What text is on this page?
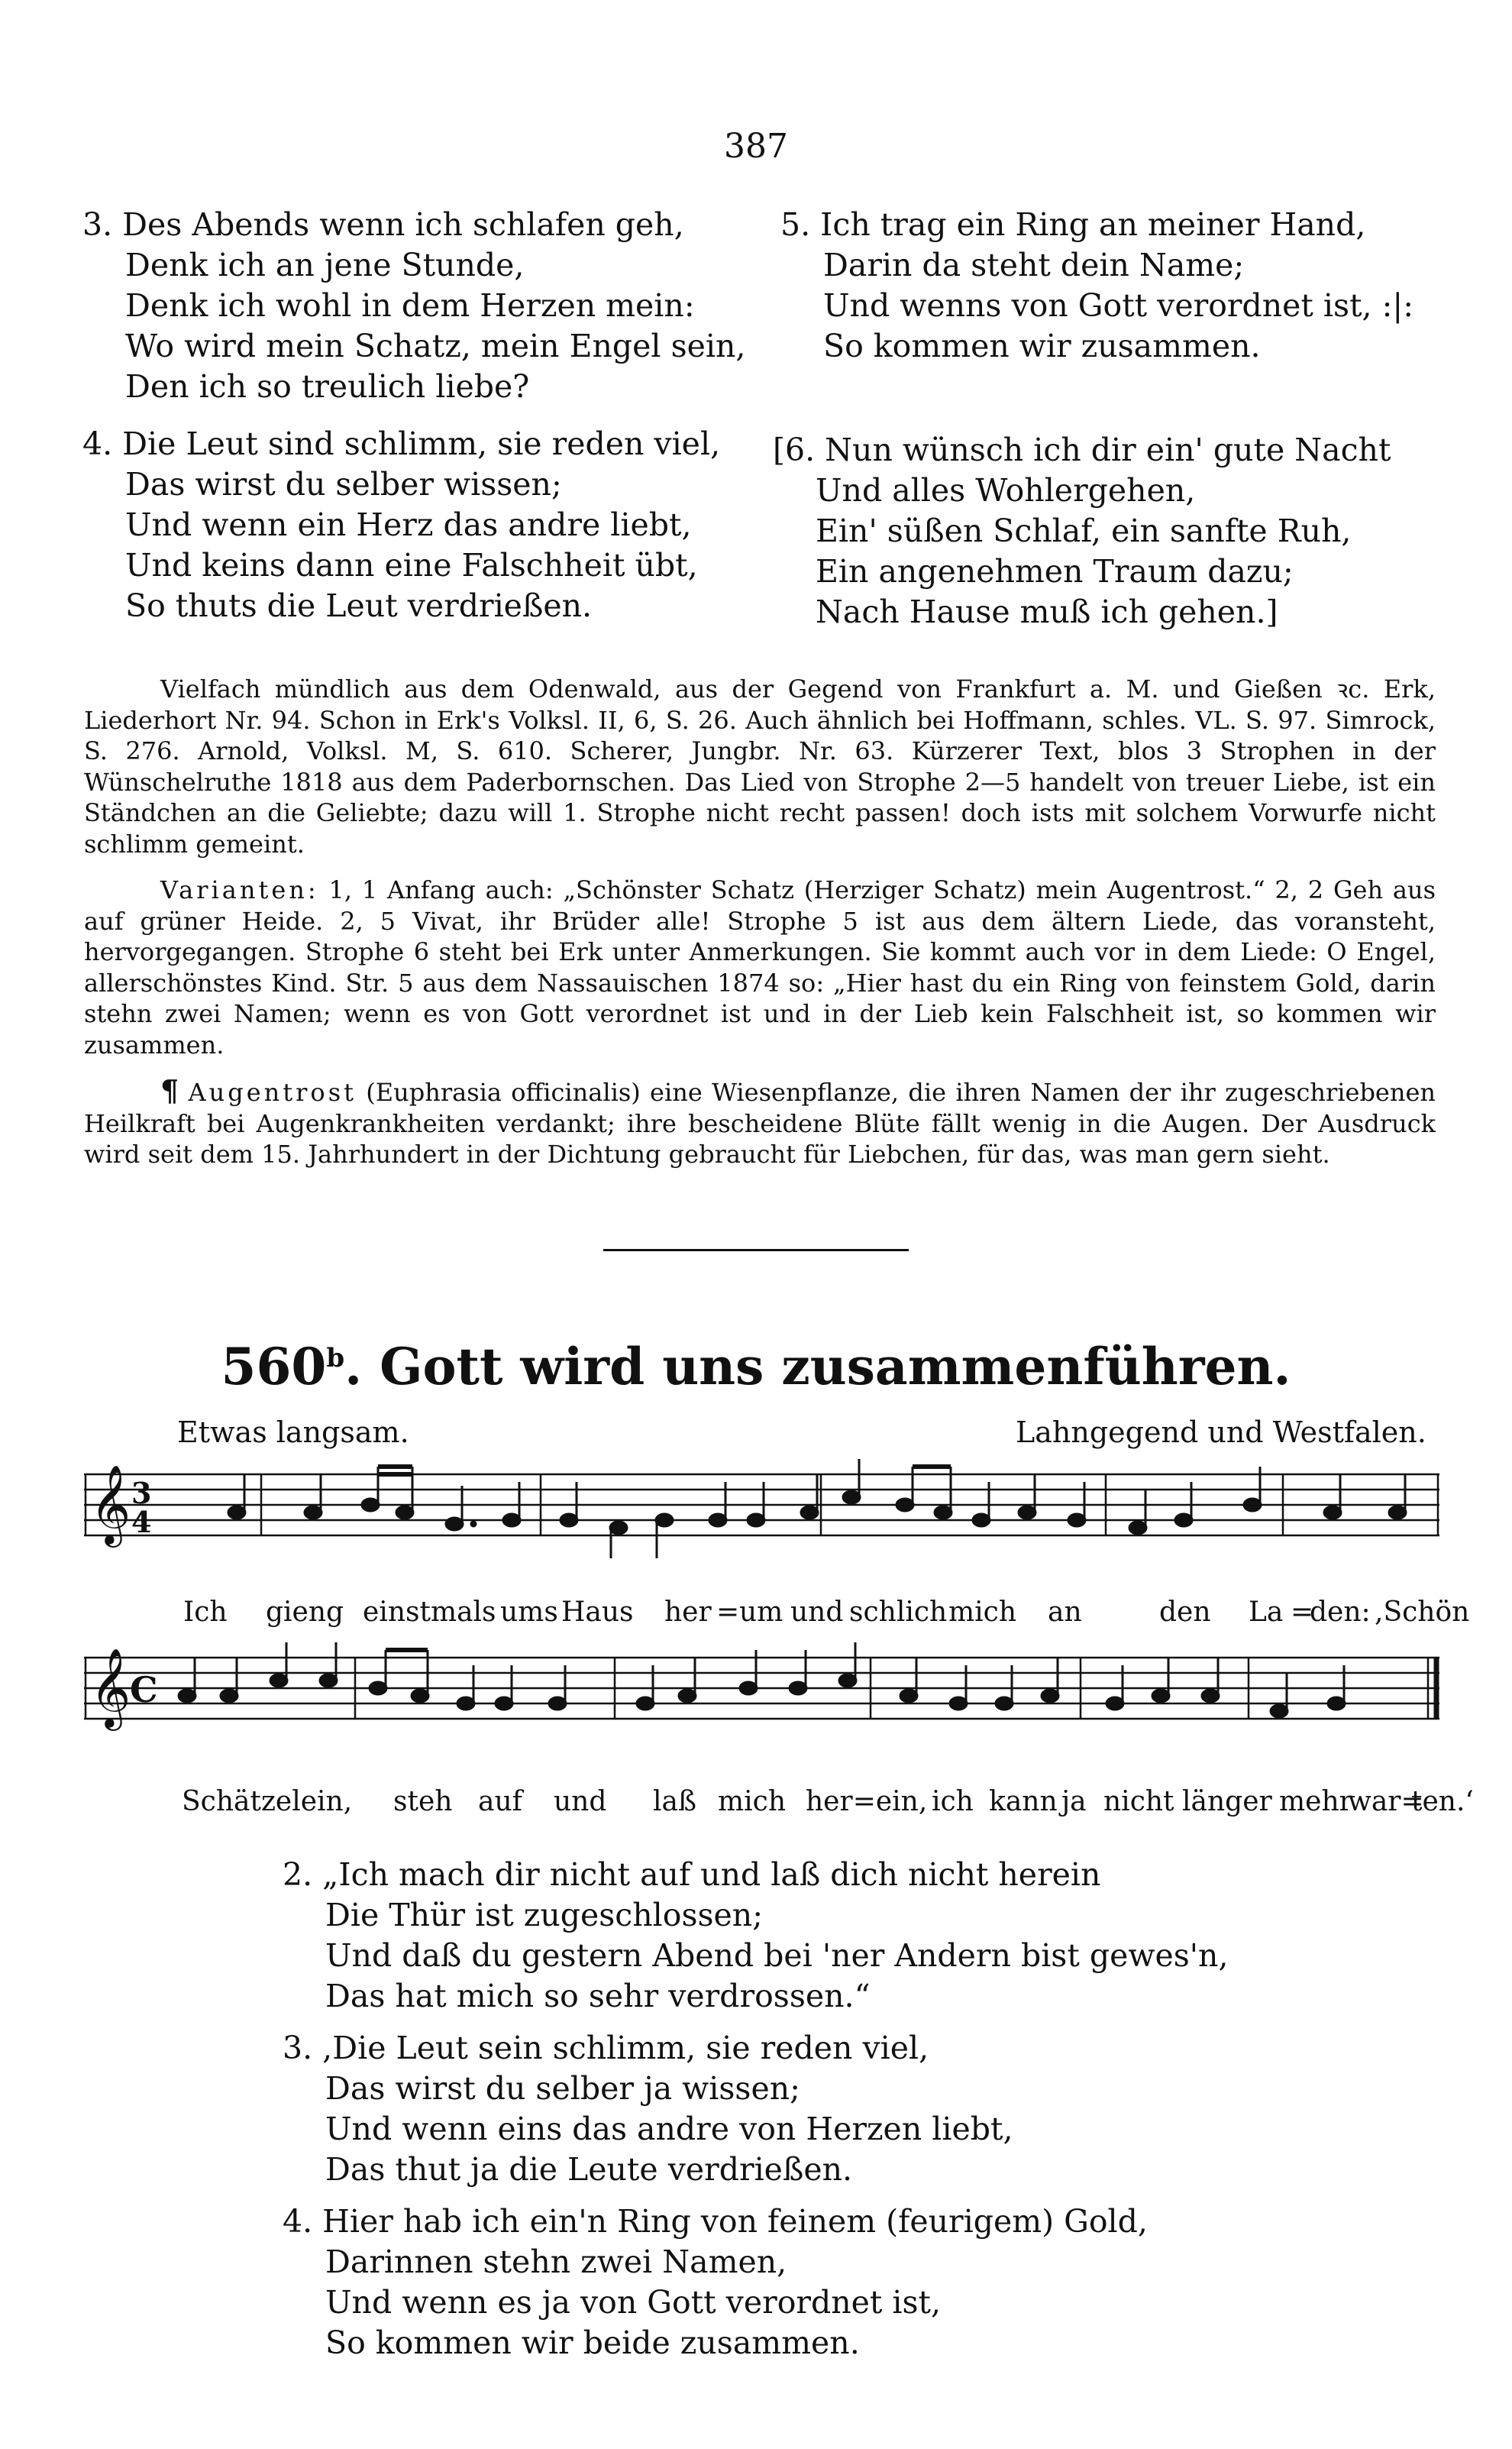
387
3. Des Abends wenn ich schlafen geh,
Denk ich an jene Stunde,
Denk ich wohl in dem Herzen mein:
Wo wird mein Schatz, mein Engel sein,
Den ich so treulich liebe?
4. Die Leut sind schlimm, sie reden viel,
Das wirst du selber wissen;
Und wenn ein Herz das andre liebt,
Und keins dann eine Falschheit übt,
So thuts die Leut verdrießen.
5. Ich trag ein Ring an meiner Hand,
Darin da steht dein Name;
Und wenns von Gott verordnet ist, :|:
So kommen wir zusammen.
[6. Nun wünsch ich dir ein' gute Nacht
Und alles Wohlergehen,
Ein' süßen Schlaf, ein sanfte Ruh,
Ein angenehmen Traum dazu;
Nach Hause muß ich gehen.]

Vielfach mündlich aus dem Odenwald, aus der Gegend von Frankfurt a. M. und Gießen ꝛc. Erk, Liederhort Nr. 94. Schon in Erk's Volksl. II, 6, S. 26. Auch ähnlich bei Hoffmann, schles. VL. S. 97. Simrock, S. 276. Arnold, Volksl. M, S. 610. Scherer, Jungbr. Nr. 63. Kürzerer Text, blos 3 Strophen in der Wünschelruthe 1818 aus dem Paderbornschen. Das Lied von Strophe 2—5 handelt von treuer Liebe, ist ein Ständchen an die Geliebte; dazu will 1. Strophe nicht recht passen! doch ists mit solchem Vorwurfe nicht schlimm gemeint.

Varianten: 1, 1 Anfang auch: „Schönster Schatz (Herziger Schatz) mein Augentrost.“ 2, 2 Geh aus auf grüner Heide. 2, 5 Vivat, ihr Brüder alle! Strophe 5 ist aus dem ältern Liede, das voransteht, hervorgegangen. Strophe 6 steht bei Erk unter Anmerkungen. Sie kommt auch vor in dem Liede: O Engel, allerschönstes Kind. Str. 5 aus dem Nassauischen 1874 so: „Hier hast du ein Ring von feinstem Gold, darin stehn zwei Namen; wenn es von Gott verordnet ist und in der Lieb kein Falschheit ist, so kommen wir zusammen.

¶ Augentrost (Euphrasia officinalis) eine Wiesenpflanze, die ihren Namen der ihr zugeschriebenen Heilkraft bei Augenkrankheiten verdankt; ihre bescheidene Blüte fällt wenig in die Augen. Der Ausdruck wird seit dem 15. Jahrhundert in der Dichtung gebraucht für Liebchen, für das, was man gern sieht.

560$^b$. Gott wird uns zusammenführen.
Etwas langsam.	Lahngegend und Westfalen.
𝄞 3
4
Ich gieng einstmals ums Haus her = um und schlich mich an	den La =
den: ,Schön
𝄞
C
Schätzelein, steh auf und laß mich her=ein, ich kann ja nicht länger mehr
war=
ten.‘
2. „Ich mach dir nicht auf und laß dich nicht herein
Die Thür ist zugeschlossen;
Und daß du gestern Abend bei 'ner Andern bist gewes'n,
Das hat mich so sehr verdrossen.“
3. ,Die Leut sein schlimm, sie reden viel,
Das wirst du selber ja wissen;
Und wenn eins das andre von Herzen liebt,
Das thut ja die Leute verdrießen.
4. Hier hab ich ein'n Ring von feinem (feurigem) Gold,
Darinnen stehn zwei Namen,
Und wenn es ja von Gott verordnet ist,
So kommen wir beide zusammen.
